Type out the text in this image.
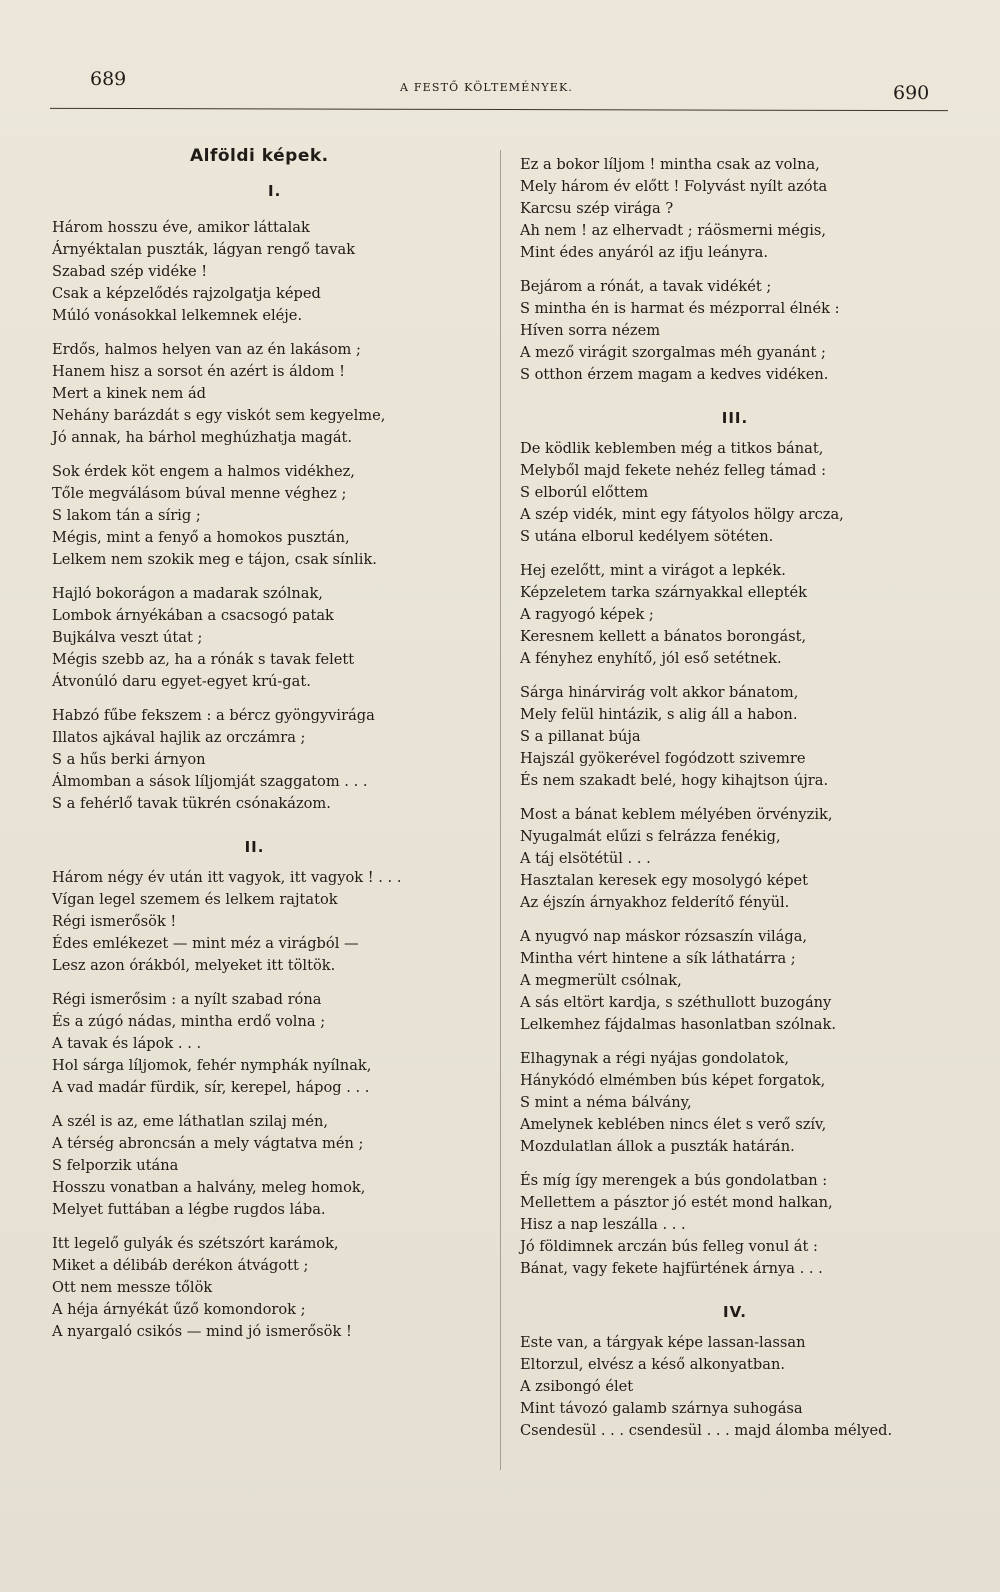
689	A FESTŐ KÖLTEMÉNYEK.	690
Alföldi képek.
I.
Három hosszu éve, amikor láttalak
Árnyéktalan puszták, lágyan rengő tavak
Szabad szép vidéke !
Csak a képzelődés rajzolgatja képed
Múló vonásokkal lelkemnek eléje.
Erdős, halmos helyen van az én lakásom ;
Hanem hisz a sorsot én azért is áldom !
Mert a kinek nem ád
Nehány barázdát s egy viskót sem kegyelme,
Jó annak, ha bárhol meghúzhatja magát.
Sok érdek köt engem a halmos vidékhez,
Tőle megválásom búval menne véghez ;
S lakom tán a sírig ;
Mégis, mint a fenyő a homokos pusztán,
Lelkem nem szokik meg e tájon, csak sínlik.
Hajló bokorágon a madarak szólnak,
Lombok árnyékában a csacsogó patak
Bujkálva veszt útat ;
Mégis szebb az, ha a rónák s tavak felett
Átvonúló daru egyet-egyet krú-gat.
Habzó fűbe fekszem : a bércz gyöngyvirága
Illatos ajkával hajlik az orczámra ;
S a hűs berki árnyon
Álmomban a sások líljomját szaggatom . . .
S a fehérlő tavak tükrén csónakázom.
II.
Három négy év után itt vagyok, itt vagyok ! . . .
Vígan legel szemem és lelkem rajtatok
Régi ismerősök !
Édes emlékezet — mint méz a virágból —
Lesz azon órákból, melyeket itt töltök.
Régi ismerősim : a nyílt szabad róna
És a zúgó nádas, mintha erdő volna ;
A tavak és lápok . . .
Hol sárga líljomok, fehér nymphák nyílnak,
A vad madár fürdik, sír, kerepel, hápog . . .
A szél is az, eme láthatlan szilaj mén,
A térség abroncsán a mely vágtatva mén ;
S felporzik utána
Hosszu vonatban a halvány, meleg homok,
Melyet futtában a légbe rugdos lába.
Itt legelő gulyák és szétszórt karámok,
Miket a délibáb derékon átvágott ;
Ott nem messze tőlök
A héja árnyékát űző komondorok ;
A nyargaló csikós — mind jó ismerősök !
Ez a bokor líljom ! mintha csak az volna,
Mely három év előtt ! Folyvást nyílt azóta
Karcsu szép virága ?
Ah nem ! az elhervadt ; ráösmerni mégis,
Mint édes anyáról az ifju leányra.
Bejárom a rónát, a tavak vidékét ;
S mintha én is harmat és mézporral élnék :
Híven sorra nézem
A mező virágit szorgalmas méh gyanánt ;
S otthon érzem magam a kedves vidéken.
III.
De ködlik keblemben még a titkos bánat,
Melyből majd fekete nehéz felleg támad :
S elborúl előttem
A szép vidék, mint egy fátyolos hölgy arcza,
S utána elborul kedélyem sötéten.
Hej ezelőtt, mint a virágot a lepkék.
Képzeletem tarka szárnyakkal ellepték
A ragyogó képek ;
Keresnem kellett a bánatos borongást,
A fényhez enyhítő, jól eső setétnek.
Sárga hinárvirág volt akkor bánatom,
Mely felül hintázik, s alig áll a habon.
S a pillanat búja
Hajszál gyökerével fogódzott szivemre
És nem szakadt belé, hogy kihajtson újra.
Most a bánat keblem mélyében örvényzik,
Nyugalmát elűzi s felrázza fenékig,
A táj elsötétül . . .
Hasztalan keresek egy mosolygó képet
Az éjszín árnyakhoz felderítő fényül.
A nyugvó nap máskor rózsaszín világa,
Mintha vért hintene a sík láthatárra ;
A megmerült csólnak,
A sás eltört kardja, s széthullott buzogány
Lelkemhez fájdalmas hasonlatban szólnak.
Elhagynak a régi nyájas gondolatok,
Hánykódó elmémben bús képet forgatok,
S mint a néma bálvány,
Amelynek keblében nincs élet s verő szív,
Mozdulatlan állok a puszták határán.
És míg így merengek a bús gondolatban :
Mellettem a pásztor jó estét mond halkan,
Hisz a nap leszálla . . .
Jó földimnek arczán bús felleg vonul át :
Bánat, vagy fekete hajfürtének árnya . . .
IV.
Este van, a tárgyak képe lassan-lassan
Eltorzul, elvész a késő alkonyatban.
A zsibongó élet
Mint távozó galamb szárnya suhogása
Csendesül . . . csendesül . . . majd álomba mélyed.
